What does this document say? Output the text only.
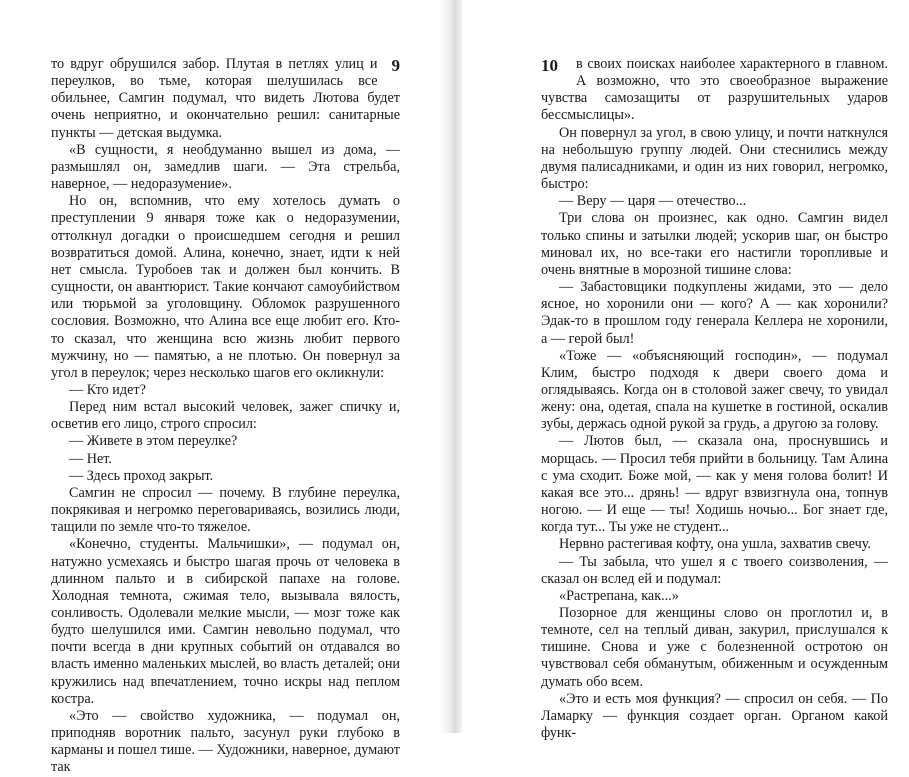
9

то вдруг обрушился забор. Плутая в петлях улиц и переулков, во тьме, которая шелушилась все обильнее, Самгин подумал, что видеть Лютова будет очень неприятно, и окончательно решил: санитарные пункты — детская выдумка.

«В сущности, я необдуманно вышел из дома, — размышлял он, замедлив шаги. — Эта стрельба, наверное, — недоразумение».

Но он, вспомнив, что ему хотелось думать о преступлении 9 января тоже как о недоразумении, оттолкнул догадки о происшедшем сегодня и решил возвратиться домой. Алина, конечно, знает, идти к ней нет смысла. Туробоев так и должен был кончить. В сущности, он авантюрист. Такие кончают самоубийством или тюрьмой за уголовщину. Обломок разрушенного сословия. Возможно, что Алина все еще любит его. Кто-то сказал, что женщина всю жизнь любит первого мужчину, но — памятью, а не плотью. Он повернул за угол в переулок; через несколько шагов его окликнули:

— Кто идет?

Перед ним встал высокий человек, зажег спичку и, осветив его лицо, строго спросил:

— Живете в этом переулке?

— Нет.

— Здесь проход закрыт.

Самгин не спросил — почему. В глубине переулка, покрякивая и негромко переговариваясь, возились люди, тащили по земле что-то тяжелое.

«Конечно, студенты. Мальчишки», — подумал он, натужно усмехаясь и быстро шагая прочь от человека в длинном пальто и в сибирской папахе на голове. Холодная темнота, сжимая тело, вызывала вялость, сонливость. Одолевали мелкие мысли, — мозг тоже как будто шелушился ими. Самгин невольно подумал, что почти всегда в дни крупных событий он отдавался во власть именно маленьких мыслей, во власть деталей; они кружились над впечатлением, точно искры над пеплом костра.

«Это — свойство художника, — подумал он, приподняв воротник пальто, засунул руки глубоко в карманы и пошел тише. — Художники, наверное, думают так

10	в своих поисках наиболее характерного в главном. А возможно, что это своеобразное выражение чувства самозащиты от разрушительных ударов бессмыслицы».

Он повернул за угол, в свою улицу, и почти наткнулся на небольшую группу людей. Они стеснились между двумя палисадниками, и один из них говорил, негромко, быстро:

— Веру — царя — отечество...

Три слова он произнес, как одно. Самгин видел только спины и затылки людей; ускорив шаг, он быстро миновал их, но все-таки его настигли торопливые и очень внятные в морозной тишине слова:

— Забастовщики подкуплены жидами, это — дело ясное, но хоронили они — кого? А — как хоронили? Эдак-то в прошлом году генерала Келлера не хоронили, а — герой был!

«Тоже — «объясняющий господин», — подумал Клим, быстро подходя к двери своего дома и оглядываясь. Когда он в столовой зажег свечу, то увидал жену: она, одетая, спала на кушетке в гостиной, оскалив зубы, держась одной рукой за грудь, а другою за голову.

— Лютов был, — сказала она, проснувшись и морщась. — Просил тебя прийти в больницу. Там Алина с ума сходит. Боже мой, — как у меня голова болит! И какая все это... дрянь! — вдруг взвизгнула она, топнув ногою. — И еще — ты! Ходишь ночью... Бог знает где, когда тут... Ты уже не студент...

Нервно растегивая кофту, она ушла, захватив свечу.

— Ты забыла, что ушел я с твоего соизволения, — сказал он вслед ей и подумал:

«Растрепана, как...»

Позорное для женщины слово он проглотил и, в темноте, сел на теплый диван, закурил, прислушался к тишине. Снова и уже с болезненной остротою он чувствовал себя обманутым, обиженным и осужденным думать обо всем.

«Это и есть моя функция? — спросил он себя. — По Ламарку — функция создает орган. Органом какой функ-
